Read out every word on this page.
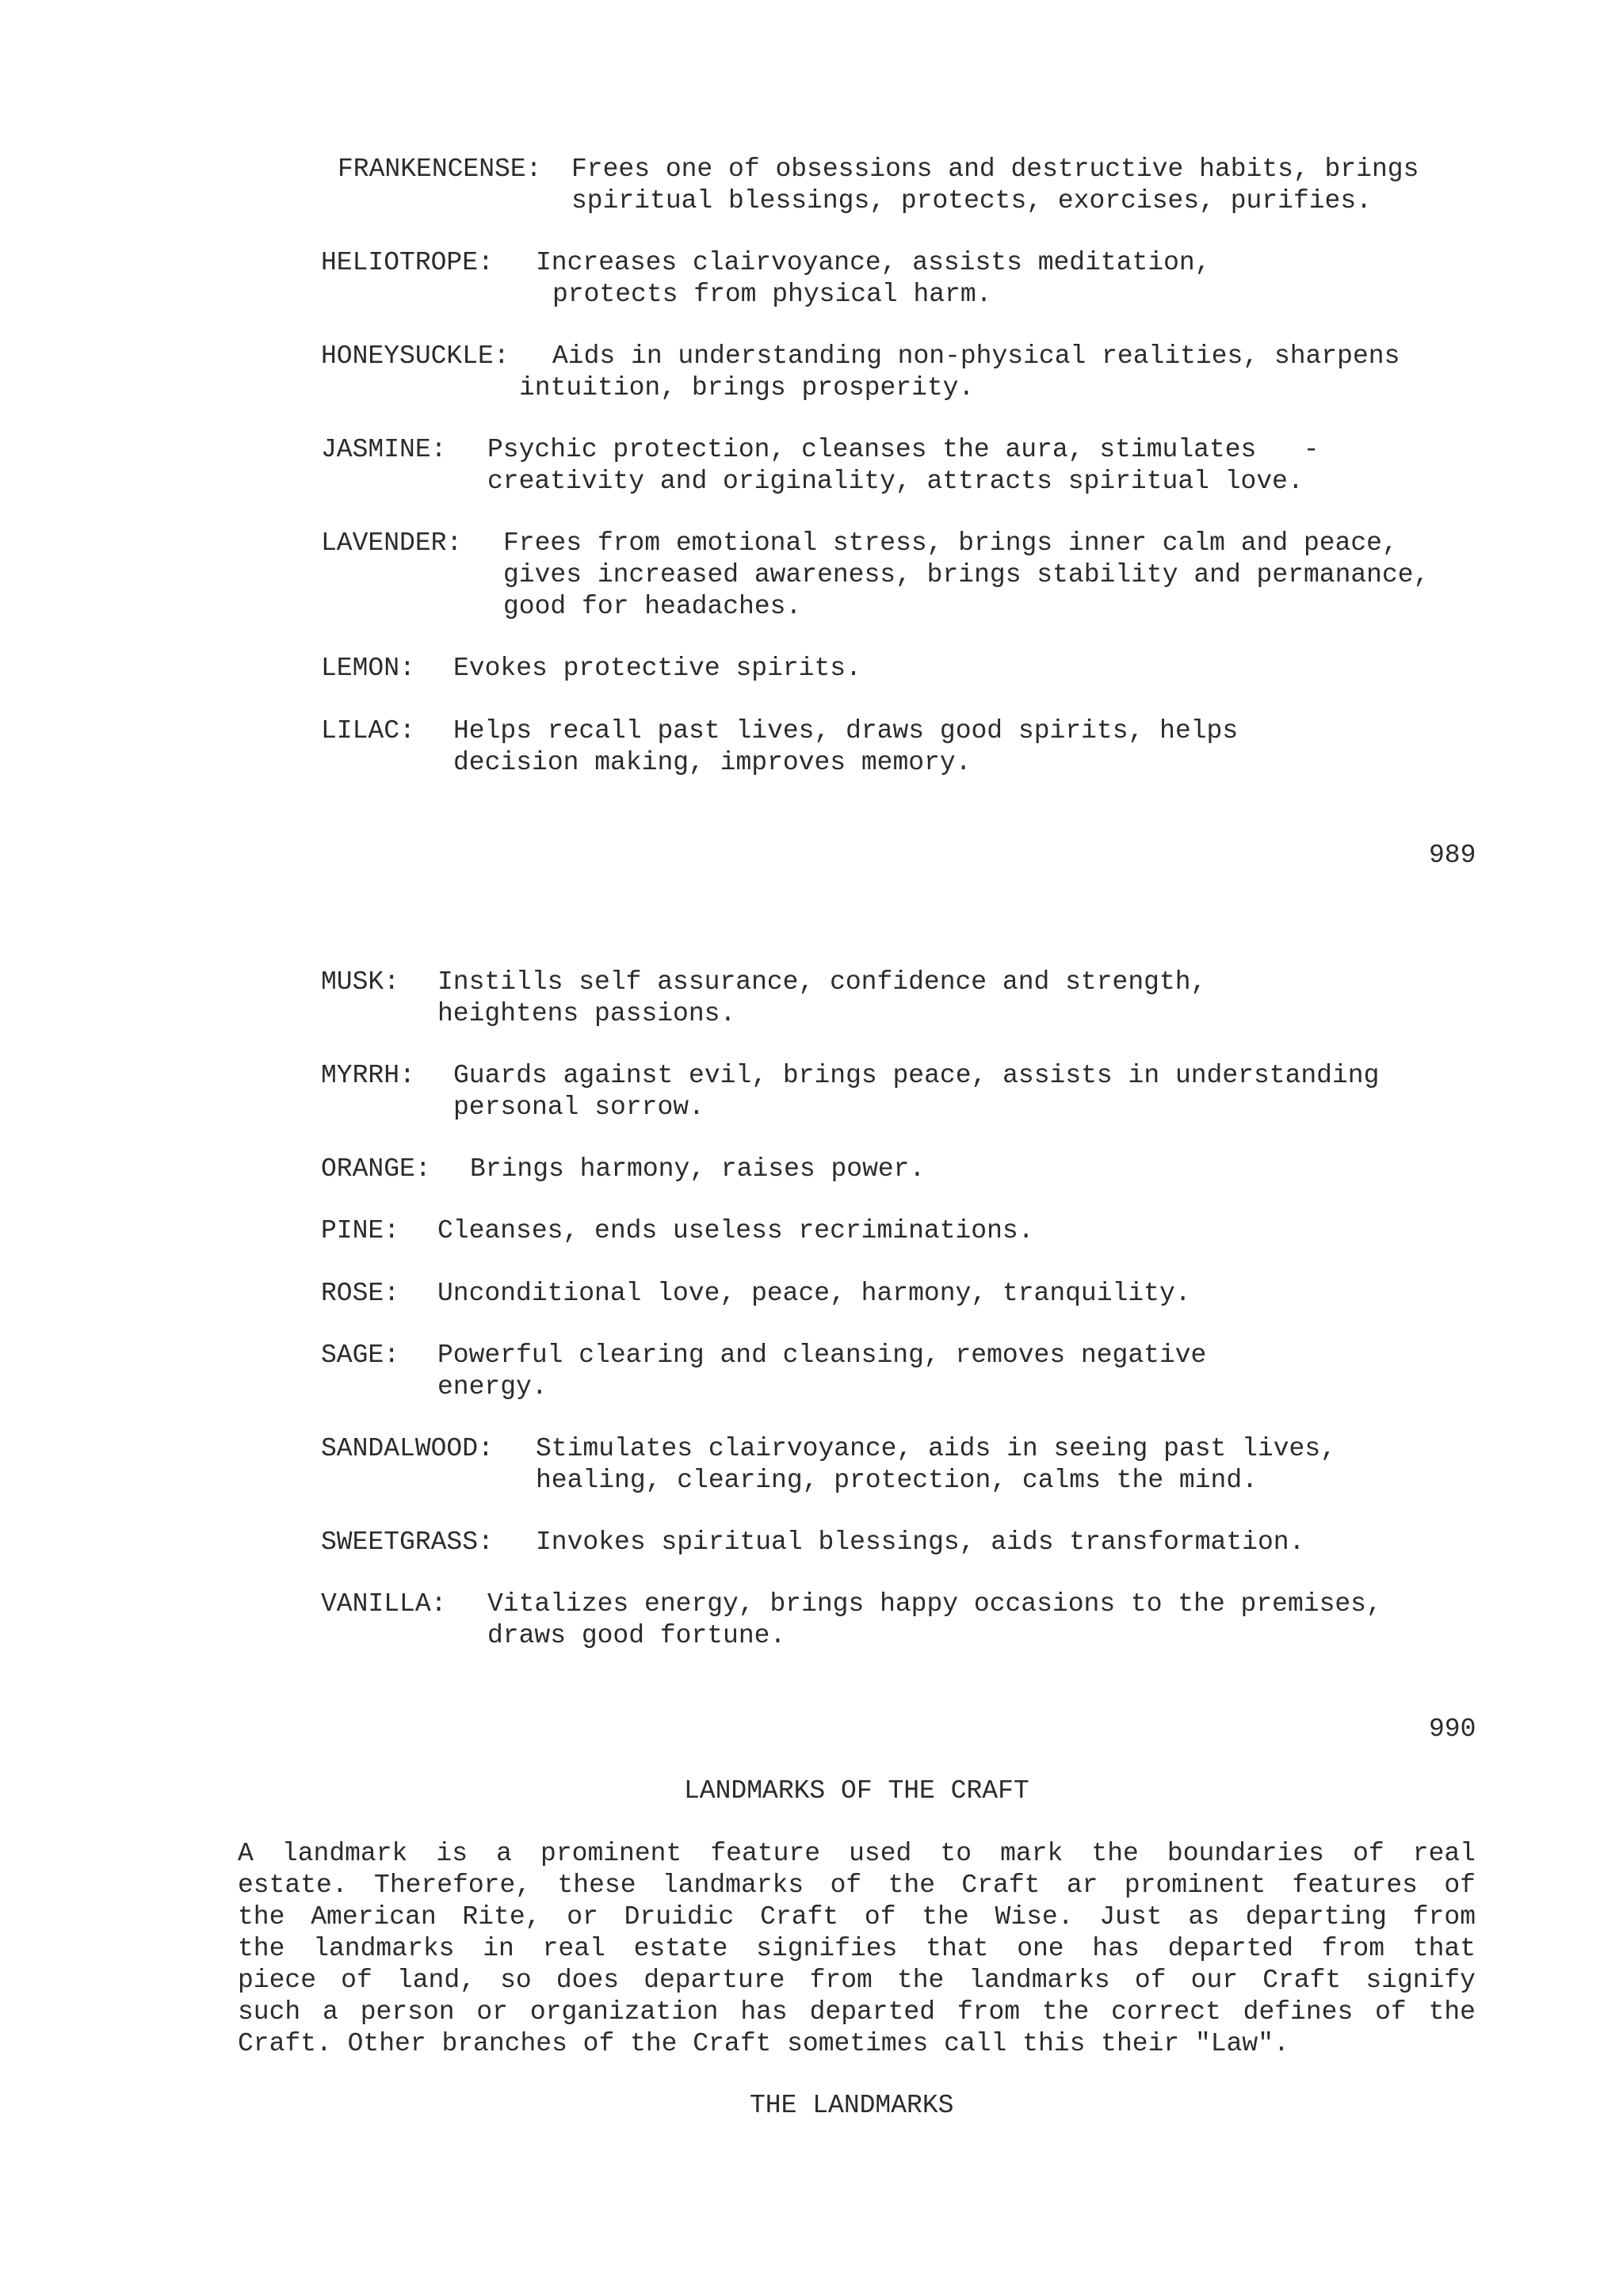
FRANKENCENSE: Frees one of obsessions and destructive habits, brings
spiritual blessings, protects, exorcises, purifies.
HELIOTROPE: Increases clairvoyance, assists meditation,
protects from physical harm.
HONEYSUCKLE: Aids in understanding non-physical realities, sharpens
intuition, brings prosperity.
JASMINE: Psychic protection, cleanses the aura, stimulates   -
creativity and originality, attracts spiritual love.
LAVENDER: Frees from emotional stress, brings inner calm and peace,
gives increased awareness, brings stability and permanance,
good for headaches.
LEMON: Evokes protective spirits.
LILAC: Helps recall past lives, draws good spirits, helps
decision making, improves memory.
989
MUSK: Instills self assurance, confidence and strength,
heightens passions.
MYRRH: Guards against evil, brings peace, assists in understanding
personal sorrow.
ORANGE: Brings harmony, raises power.
PINE: Cleanses, ends useless recriminations.
ROSE: Unconditional love, peace, harmony, tranquility.
SAGE: Powerful clearing and cleansing, removes negative
energy.
SANDALWOOD: Stimulates clairvoyance, aids in seeing past lives,
healing, clearing, protection, calms the mind.
SWEETGRASS: Invokes spiritual blessings, aids transformation.
VANILLA: Vitalizes energy, brings happy occasions to the premises,
draws good fortune.
990
LANDMARKS OF THE CRAFT
A landmark is a prominent feature used to mark the boundaries of real
estate. Therefore, these landmarks of the Craft ar prominent features of
the American Rite, or Druidic Craft of the Wise. Just as departing from
the landmarks in real estate signifies that one has departed from that
piece of land, so does departure from the landmarks of our Craft signify
such a person or organization has departed from the correct defines of the
Craft. Other branches of the Craft sometimes call this their "Law".
THE LANDMARKS
